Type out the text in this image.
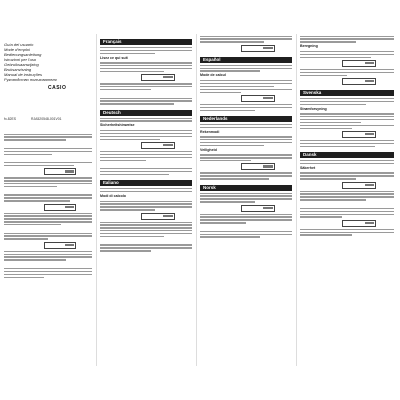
Guía del usuario
Mode d'emploi
Bedienungsanleitung
Istruzioni per l'uso
Gebruiksaanwijzing
Bruksanvisning
Manual de instruções
Руководство пользователя
CASIO
fx-82ES	RJA520548-001V01
Français
Lisez ce qui suit
Deutsch
Sicherheitshinweise
Italiano
Modi di calcolo
Español
Mode de calcul
Nederlands
Rekenmodi
Veiligheid
Norsk
Beregning
Svenska
Strømforsyning
Dansk
Säkerhet
